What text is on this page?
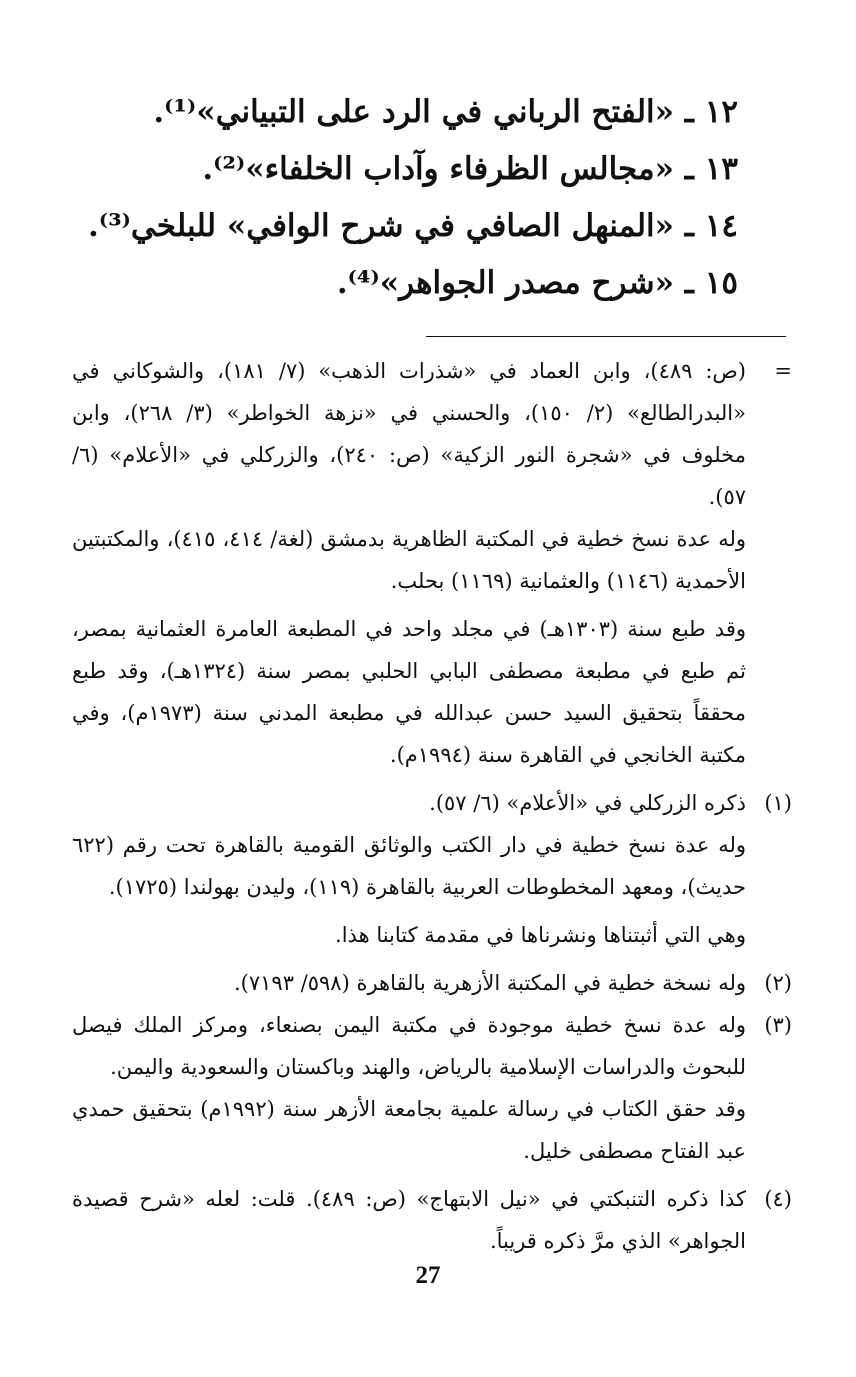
١٢ ـ «الفتح الرباني في الرد على التبياني»⁽¹⁾.
١٣ ـ «مجالس الظرفاء وآداب الخلفاء»⁽²⁾.
١٤ ـ «المنهل الصافي في شرح الوافي» للبلخي⁽³⁾.
١٥ ـ «شرح مصدر الجواهر»⁽⁴⁾.
=
(ص: ٤٨٩)، وابن العماد في «شذرات الذهب» (٧/ ١٨١)، والشوكاني في «البدرالطالع» (٢/ ١٥٠)، والحسني في «نزهة الخواطر» (٣/ ٢٦٨)، وابن مخلوف في «شجرة النور الزكية» (ص: ٢٤٠)، والزركلي في «الأعلام» (٦/ ٥٧).

وله عدة نسخ خطية في المكتبة الظاهرية بدمشق (لغة/ ٤١٤، ٤١٥)، والمكتبتين الأحمدية (١١٤٦) والعثمانية (١١٦٩) بحلب.

وقد طبع سنة (١٣٠٣هـ) في مجلد واحد في المطبعة العامرة العثمانية بمصر، ثم طبع في مطبعة مصطفى البابي الحلبي بمصر سنة (١٣٢٤هـ)، وقد طبع محققاً بتحقيق السيد حسن عبدالله في مطبعة المدني سنة (١٩٧٣م)، وفي مكتبة الخانجي في القاهرة سنة (١٩٩٤م).

(١)
ذكره الزركلي في «الأعلام» (٦/ ٥٧).

وله عدة نسخ خطية في دار الكتب والوثائق القومية بالقاهرة تحت رقم (٦٢٢ حديث)، ومعهد المخطوطات العربية بالقاهرة (١١٩)، وليدن بهولندا (١٧٢٥).

وهي التي أثبتناها ونشرناها في مقدمة كتابنا هذا.

(٢)
وله نسخة خطية في المكتبة الأزهرية بالقاهرة (٥٩٨/ ٧١٩٣).
(٣)
وله عدة نسخ خطية موجودة في مكتبة اليمن بصنعاء، ومركز الملك فيصل للبحوث والدراسات الإسلامية بالرياض، والهند وباكستان والسعودية واليمن.

وقد حقق الكتاب في رسالة علمية بجامعة الأزهر سنة (١٩٩٢م) بتحقيق حمدي عبد الفتاح مصطفى خليل.

(٤)
كذا ذكره التنبكتي في «نيل الابتهاج» (ص: ٤٨٩). قلت: لعله «شرح قصيدة الجواهر» الذي مرَّ ذكره قريباً.
27
